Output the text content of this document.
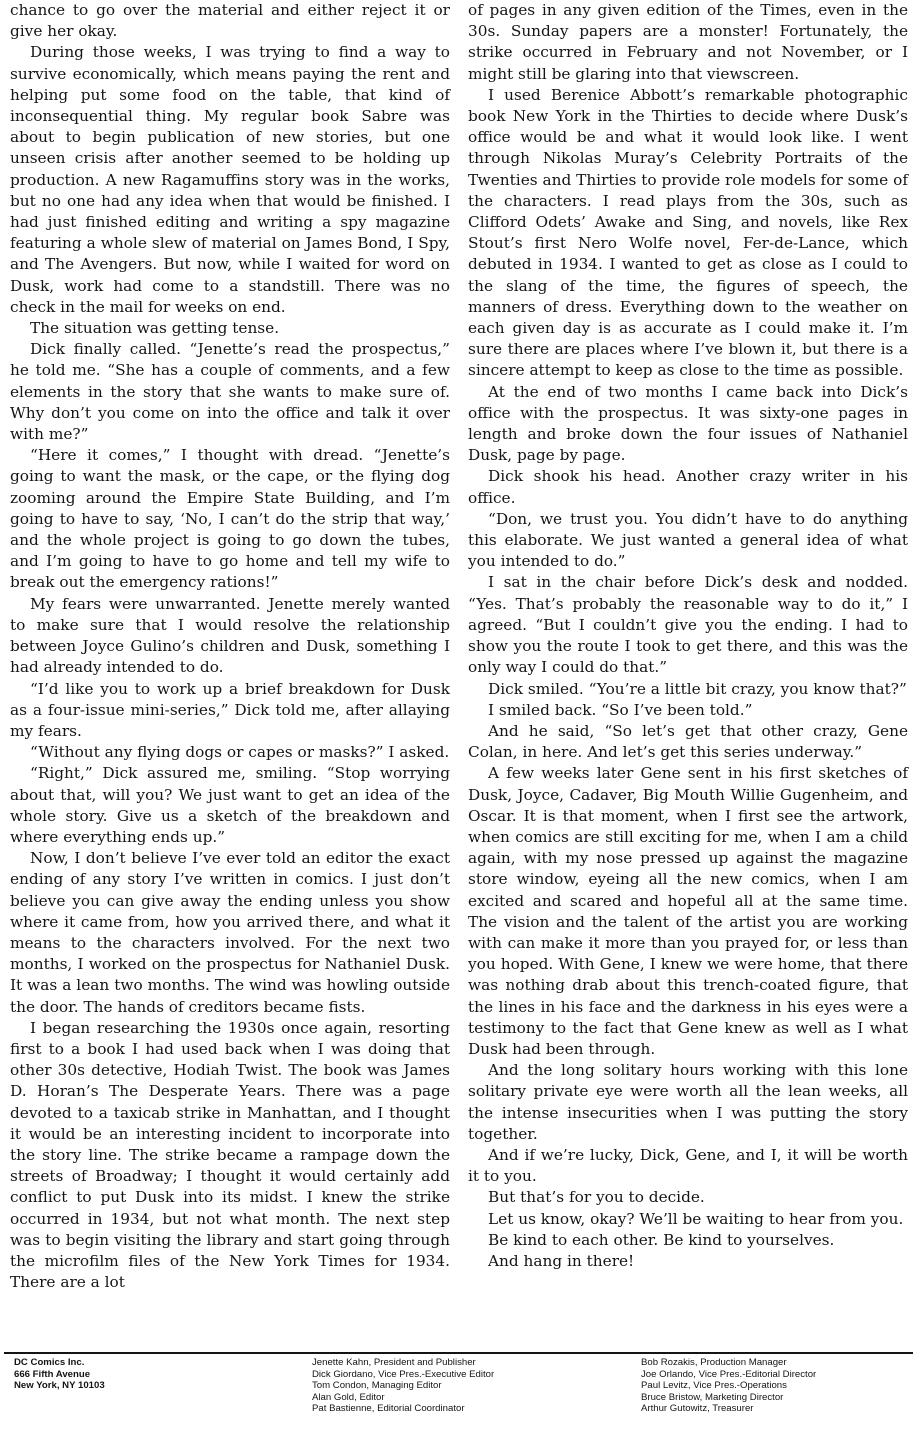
chance to go over the material and either reject it or give her okay.

During those weeks, I was trying to find a way to survive economically, which means paying the rent and helping put some food on the table, that kind of inconsequential thing. My regular book Sabre was about to begin publication of new stories, but one unseen crisis after another seemed to be holding up production. A new Ragamuffins story was in the works, but no one had any idea when that would be finished. I had just finished editing and writing a spy magazine featuring a whole slew of material on James Bond, I Spy, and The Avengers. But now, while I waited for word on Dusk, work had come to a standstill. There was no check in the mail for weeks on end.

The situation was getting tense.

Dick finally called. “Jenette’s read the prospectus,” he told me. “She has a couple of comments, and a few elements in the story that she wants to make sure of. Why don’t you come on into the office and talk it over with me?”

“Here it comes,” I thought with dread. “Jenette’s going to want the mask, or the cape, or the flying dog zooming around the Empire State Building, and I’m going to have to say, ‘No, I can’t do the strip that way,’ and the whole project is going to go down the tubes, and I’m going to have to go home and tell my wife to break out the emergency rations!”

My fears were unwarranted. Jenette merely wanted to make sure that I would resolve the relationship between Joyce Gulino’s children and Dusk, something I had already intended to do.

“I’d like you to work up a brief breakdown for Dusk as a four-issue mini-series,” Dick told me, after allaying my fears.

“Without any flying dogs or capes or masks?” I asked.

“Right,” Dick assured me, smiling. “Stop worrying about that, will you? We just want to get an idea of the whole story. Give us a sketch of the breakdown and where everything ends up.”

Now, I don’t believe I’ve ever told an editor the exact ending of any story I’ve written in comics. I just don’t believe you can give away the ending unless you show where it came from, how you arrived there, and what it means to the characters involved. For the next two months, I worked on the prospectus for Nathaniel Dusk. It was a lean two months. The wind was howling outside the door. The hands of creditors became fists.

I began researching the 1930s once again, resorting first to a book I had used back when I was doing that other 30s detective, Hodiah Twist. The book was James D. Horan’s The Desperate Years. There was a page devoted to a taxicab strike in Manhattan, and I thought it would be an interesting incident to incorporate into the story line. The strike became a rampage down the streets of Broadway; I thought it would certainly add conflict to put Dusk into its midst. I knew the strike occurred in 1934, but not what month. The next step was to begin visiting the library and start going through the microfilm files of the New York Times for 1934. There are a lot

of pages in any given edition of the Times, even in the 30s. Sunday papers are a monster! Fortunately, the strike occurred in February and not November, or I might still be glaring into that viewscreen.

I used Berenice Abbott’s remarkable photographic book New York in the Thirties to decide where Dusk’s office would be and what it would look like. I went through Nikolas Muray’s Celebrity Portraits of the Twenties and Thirties to provide role models for some of the characters. I read plays from the 30s, such as Clifford Odets’ Awake and Sing, and novels, like Rex Stout’s first Nero Wolfe novel, Fer-de-Lance, which debuted in 1934. I wanted to get as close as I could to the slang of the time, the figures of speech, the manners of dress. Everything down to the weather on each given day is as accurate as I could make it. I’m sure there are places where I’ve blown it, but there is a sincere attempt to keep as close to the time as possible.

At the end of two months I came back into Dick’s office with the prospectus. It was sixty-one pages in length and broke down the four issues of Nathaniel Dusk, page by page.

Dick shook his head. Another crazy writer in his office.

“Don, we trust you. You didn’t have to do anything this elaborate. We just wanted a general idea of what you intended to do.”

I sat in the chair before Dick’s desk and nodded. “Yes. That’s probably the reasonable way to do it,” I agreed. “But I couldn’t give you the ending. I had to show you the route I took to get there, and this was the only way I could do that.”

Dick smiled. “You’re a little bit crazy, you know that?”

I smiled back. “So I’ve been told.”

And he said, “So let’s get that other crazy, Gene Colan, in here. And let’s get this series underway.”

A few weeks later Gene sent in his first sketches of Dusk, Joyce, Cadaver, Big Mouth Willie Gugenheim, and Oscar. It is that moment, when I first see the artwork, when comics are still exciting for me, when I am a child again, with my nose pressed up against the magazine store window, eyeing all the new comics, when I am excited and scared and hopeful all at the same time. The vision and the talent of the artist you are working with can make it more than you prayed for, or less than you hoped. With Gene, I knew we were home, that there was nothing drab about this trench-coated figure, that the lines in his face and the darkness in his eyes were a testimony to the fact that Gene knew as well as I what Dusk had been through.

And the long solitary hours working with this lone solitary private eye were worth all the lean weeks, all the intense insecurities when I was putting the story together.

And if we’re lucky, Dick, Gene, and I, it will be worth it to you.

But that’s for you to decide.

Let us know, okay? We’ll be waiting to hear from you.

Be kind to each other. Be kind to yourselves.

And hang in there!

DC Comics Inc.
666 Fifth Avenue
New York, NY 10103
Jenette Kahn, President and Publisher
Dick Giordano, Vice Pres.-Executive Editor
Tom Condon, Managing Editor
Alan Gold, Editor
Pat Bastienne, Editorial Coordinator
Bob Rozakis, Production Manager
Joe Orlando, Vice Pres.-Editorial Director
Paul Levitz, Vice Pres.-Operations
Bruce Bristow, Marketing Director
Arthur Gutowitz, Treasurer
